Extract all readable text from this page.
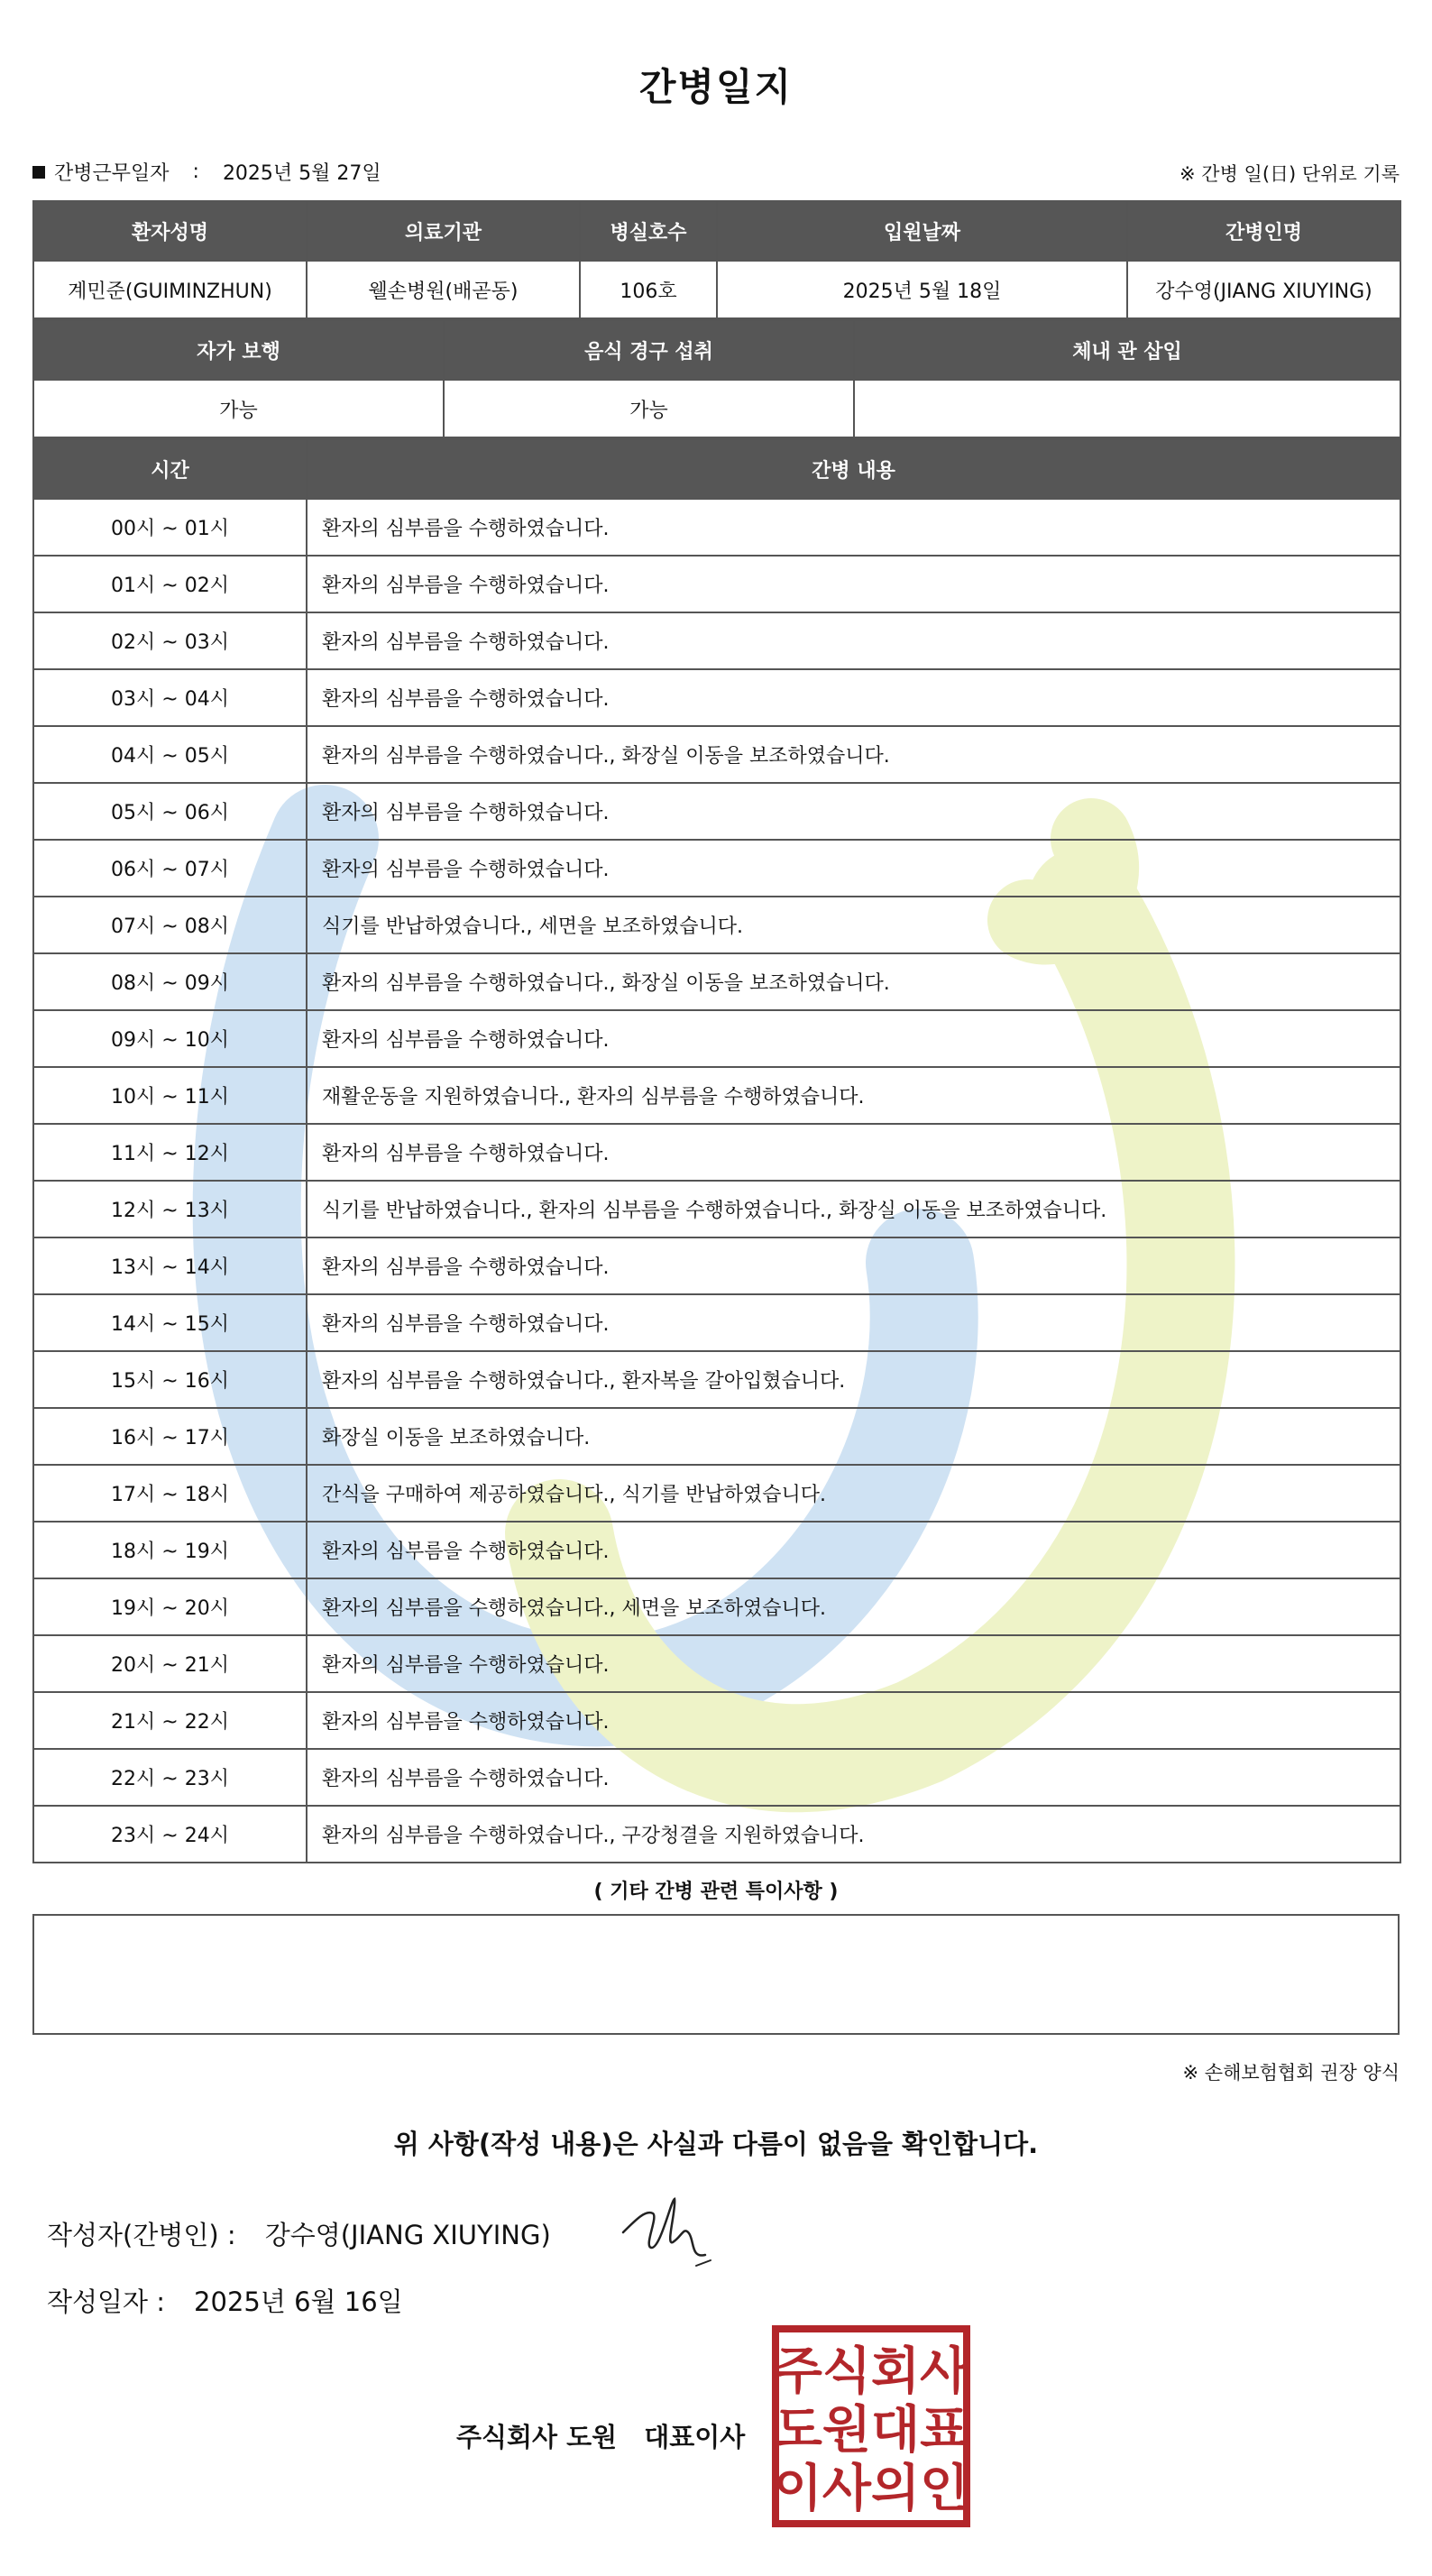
간병일지
간병근무일자 : 2025년 5월 27일	※ 간병 일(日) 단위로 기록
환자성명	의료기관	병실호수	입원날짜	간병인명
계민준(GUIMINZHUN)	웰손병원(배곧동)	106호	2025년 5월 18일	강수영(JIANG XIUYING)
자가 보행	음식 경구 섭취	체내 관 삽입
가능	가능	
시간	간병 내용
00시 ~ 01시	환자의 심부름을 수행하였습니다.
01시 ~ 02시	환자의 심부름을 수행하였습니다.
02시 ~ 03시	환자의 심부름을 수행하였습니다.
03시 ~ 04시	환자의 심부름을 수행하였습니다.
04시 ~ 05시	환자의 심부름을 수행하였습니다., 화장실 이동을 보조하였습니다.
05시 ~ 06시	환자의 심부름을 수행하였습니다.
06시 ~ 07시	환자의 심부름을 수행하였습니다.
07시 ~ 08시	식기를 반납하였습니다., 세면을 보조하였습니다.
08시 ~ 09시	환자의 심부름을 수행하였습니다., 화장실 이동을 보조하였습니다.
09시 ~ 10시	환자의 심부름을 수행하였습니다.
10시 ~ 11시	재활운동을 지원하였습니다., 환자의 심부름을 수행하였습니다.
11시 ~ 12시	환자의 심부름을 수행하였습니다.
12시 ~ 13시	식기를 반납하였습니다., 환자의 심부름을 수행하였습니다., 화장실 이동을 보조하였습니다.
13시 ~ 14시	환자의 심부름을 수행하였습니다.
14시 ~ 15시	환자의 심부름을 수행하였습니다.
15시 ~ 16시	환자의 심부름을 수행하였습니다., 환자복을 갈아입혔습니다.
16시 ~ 17시	화장실 이동을 보조하였습니다.
17시 ~ 18시	간식을 구매하여 제공하였습니다., 식기를 반납하였습니다.
18시 ~ 19시	환자의 심부름을 수행하였습니다.
19시 ~ 20시	환자의 심부름을 수행하였습니다., 세면을 보조하였습니다.
20시 ~ 21시	환자의 심부름을 수행하였습니다.
21시 ~ 22시	환자의 심부름을 수행하였습니다.
22시 ~ 23시	환자의 심부름을 수행하였습니다.
23시 ~ 24시	환자의 심부름을 수행하였습니다., 구강청결을 지원하였습니다.
( 기타 간병 관련 특이사항 )
※ 손해보험협회 권장 양식
위 사항(작성 내용)은 사실과 다름이 없음을 확인합니다.
작성자(간병인) : 강수영(JIANG XIUYING)
작성일자 : 2025년 6월 16일
주식회사 도원 대표이사
주식회사
도원대표
이사의인
